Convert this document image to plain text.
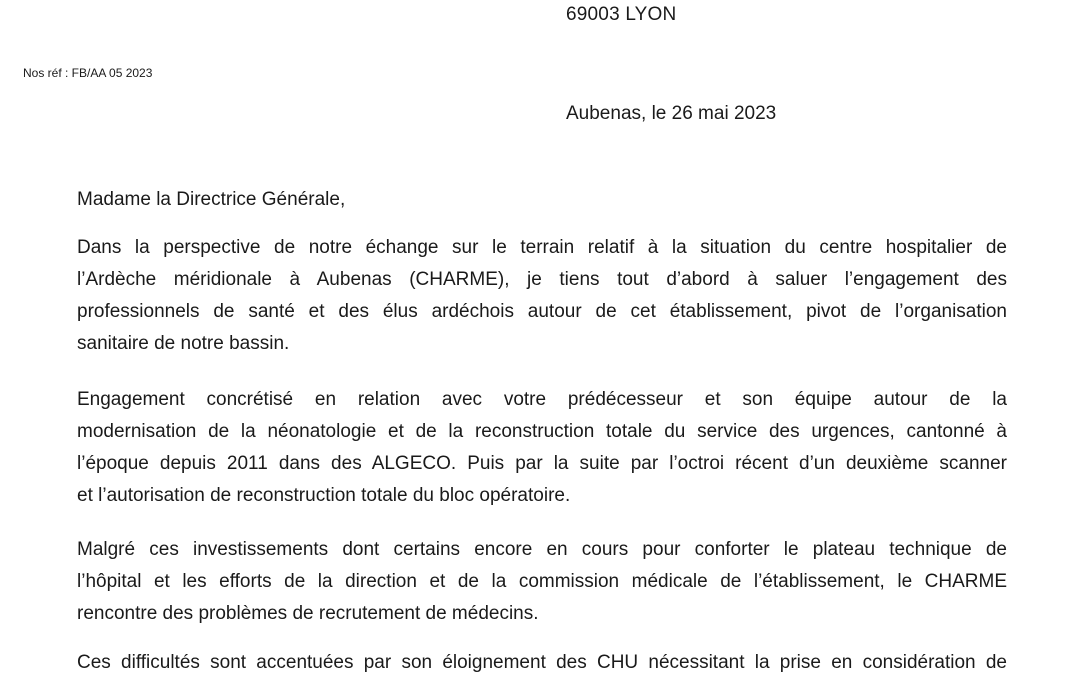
69003 LYON
Nos réf : FB/AA 05 2023
Aubenas, le 26 mai 2023
Madame la Directrice Générale,
Dans la perspective de notre échange sur le terrain relatif à la situation du centre hospitalier de
l’Ardèche méridionale à Aubenas (CHARME), je tiens tout d’abord à saluer l’engagement des
professionnels de santé et des élus ardéchois autour de cet établissement, pivot de l’organisation
sanitaire de notre bassin.
Engagement concrétisé en relation avec votre prédécesseur et son équipe autour de la
modernisation de la néonatologie et de la reconstruction totale du service des urgences, cantonné à
l’époque depuis 2011 dans des ALGECO. Puis par la suite par l’octroi récent d’un deuxième scanner
et l’autorisation de reconstruction totale du bloc opératoire.
Malgré ces investissements dont certains encore en cours pour conforter le plateau technique de
l’hôpital et les efforts de la direction et de la commission médicale de l’établissement, le CHARME
rencontre des problèmes de recrutement de médecins.
Ces difficultés sont accentuées par son éloignement des CHU nécessitant la prise en considération de
